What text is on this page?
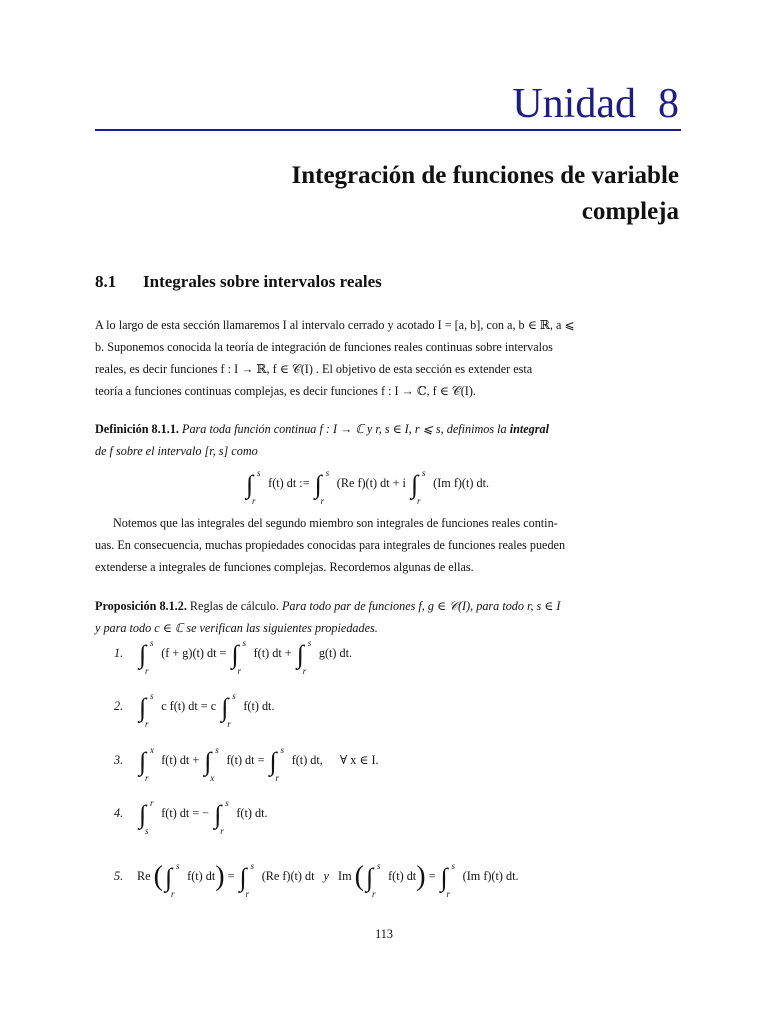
Unidad 8
Integración de funciones de variable
compleja
8.1 Integrales sobre intervalos reales
A lo largo de esta sección llamaremos I al intervalo cerrado y acotado I = [a, b], con a, b ∈ ℝ, a ⩽
b. Suponemos conocida la teoría de integración de funciones reales continuas sobre intervalos
reales, es decir funciones f : I → ℝ, f ∈ 𝒞(I) . El objetivo de esta sección es extender esta
teoría a funciones continuas complejas, es decir funciones f : I → ℂ, f ∈ 𝒞(I).
Definición 8.1.1. Para toda función continua f : I → ℂ y r, s ∈ I, r ⩽ s, definimos la integral
de f sobre el intervalo [r, s] como
∫ s
r
f(t) dt := ∫ s
r
(Re f)(t) dt + i ∫ s
r
(Im f)(t) dt.
Notemos que las integrales del segundo miembro son integrales de funciones reales contin-
uas. En consecuencia, muchas propiedades conocidas para integrales de funciones reales pueden
extenderse a integrales de funciones complejas. Recordemos algunas de ellas.
Proposición 8.1.2. Reglas de cálculo. Para todo par de funciones f, g ∈ 𝒞(I), para todo r, s ∈ I
y para todo c ∈ ℂ se verifican las siguientes propiedades.
1. ∫ s
r
(f + g)(t) dt = ∫ s
r
f(t) dt + ∫ s
r
g(t) dt.
2. ∫ s
r
c f(t) dt = c ∫ s
r
f(t) dt.
3. ∫ x
r
f(t) dt + ∫ s
x
f(t) dt = ∫ s
r
f(t) dt, ∀ x ∈ I.
4. ∫ r
s
f(t) dt = − ∫ s
r
f(t) dt.
5. Re (∫ s
r
f(t) dt) = ∫ s
r
(Re f)(t) dt y Im (∫ s
r
f(t) dt) = ∫ s
r
(Im f)(t) dt.
113
